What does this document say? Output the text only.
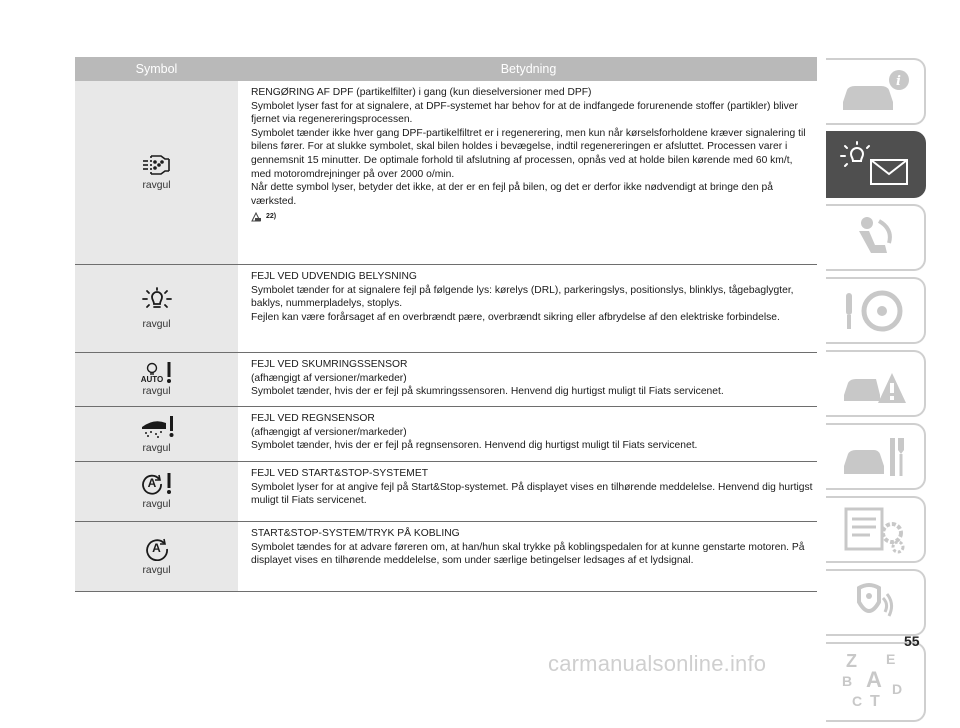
Symbol	Betydning
ravgul

RENGØRING AF DPF (partikelfilter) i gang (kun dieselversioner med DPF)

Symbolet lyser fast for at signalere, at DPF-systemet har behov for at de indfangede forurenende stoffer (partikler) bliver fjernet via regenereringsprocessen.

Symbolet tænder ikke hver gang DPF-partikelfiltret er i regenerering, men kun når kørselsforholdene kræver signalering til bilens fører. For at slukke symbolet, skal bilen holdes i bevægelse, indtil regenereringen er afsluttet. Processen varer i gennemsnit 15 minutter. De optimale forhold til afslutning af processen, opnås ved at holde bilen kørende med 60 km/t, med motoromdrejninger på over 2000 o/min.

Når dette symbol lyser, betyder det ikke, at der er en fejl på bilen, og det er derfor ikke nødvendigt at bringe den på værksted.

22)
ravgul

FEJL VED UDVENDIG BELYSNING

Symbolet tænder for at signalere fejl på følgende lys: kørelys (DRL), parkeringslys, positionslys, blinklys, tågebaglygter, baklys, nummerpladelys, stoplys.

Fejlen kan være forårsaget af en overbrændt pære, overbrændt sikring eller afbrydelse af den elektriske forbindelse.

AUTO
ravgul

FEJL VED SKUMRINGSSENSOR

(afhængigt af versioner/markeder)

Symbolet tænder, hvis der er fejl på skumringssensoren. Henvend dig hurtigst muligt til Fiats servicenet.

ravgul

FEJL VED REGNSENSOR

(afhængigt af versioner/markeder)

Symbolet tænder, hvis der er fejl på regnsensoren. Henvend dig hurtigst muligt til Fiats servicenet.

A
ravgul

FEJL VED START&STOP-SYSTEMET

Symbolet lyser for at angive fejl på Start&Stop-systemet. På displayet vises en tilhørende meddelelse. Henvend dig hurtigst muligt til Fiats servicenet.

A
ravgul

START&STOP-SYSTEM/TRYK PÅ KOBLING

Symbolet tændes for at advare føreren om, at han/hun skal trykke på koblingspedalen for at kunne genstarte motoren. På displayet vises en tilhørende meddelelse, som under særlige betingelser ledsages af et lydsignal.

i
Z E
B A
C T
D
55
carmanualsonline.info
